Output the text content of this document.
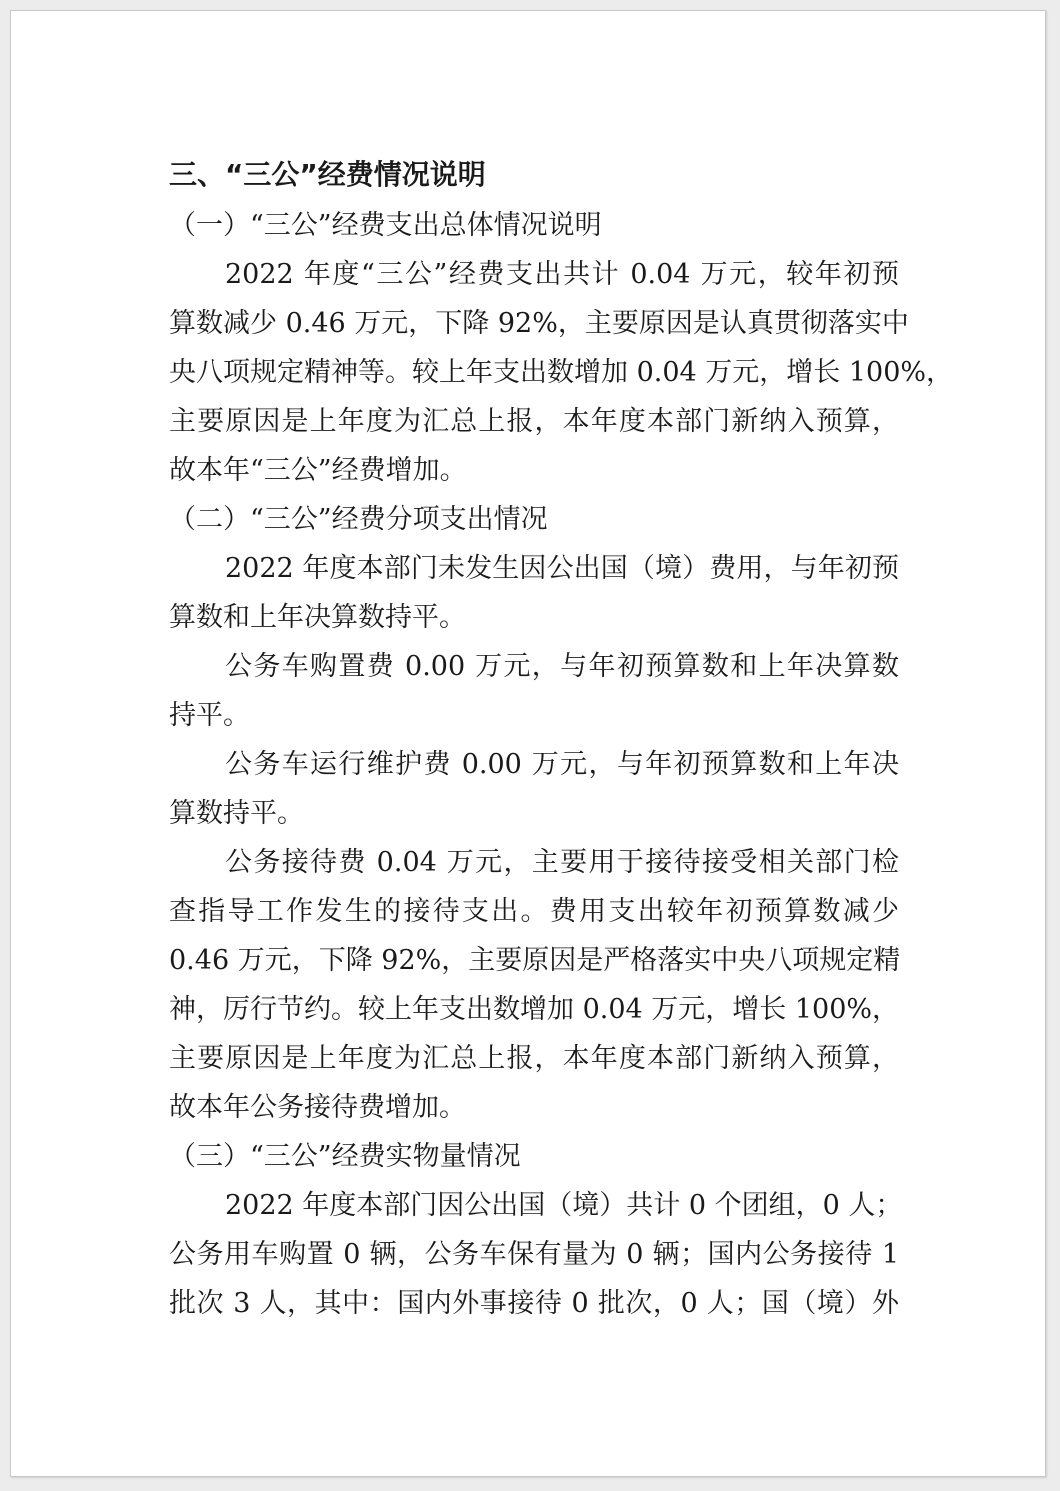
三、“三公”经费情况说明
（一）“三公”经费支出总体情况说明
2022 年度“三公”经费支出共计 0.04 万元，较年初预
算数减少 0.46 万元，下降 92%，主要原因是认真贯彻落实中
央八项规定精神等。较上年支出数增加 0.04 万元，增长 100%，
主要原因是上年度为汇总上报，本年度本部门新纳入预算，
故本年“三公”经费增加。
（二）“三公”经费分项支出情况
2022 年度本部门未发生因公出国（境）费用，与年初预
算数和上年决算数持平。
公务车购置费 0.00 万元，与年初预算数和上年决算数
持平。
公务车运行维护费 0.00 万元，与年初预算数和上年决
算数持平。
公务接待费 0.04 万元，主要用于接待接受相关部门检
查指导工作发生的接待支出。费用支出较年初预算数减少
0.46 万元，下降 92%，主要原因是严格落实中央八项规定精
神，厉行节约。较上年支出数增加 0.04 万元，增长 100%，
主要原因是上年度为汇总上报，本年度本部门新纳入预算，
故本年公务接待费增加。
（三）“三公”经费实物量情况
2022 年度本部门因公出国（境）共计 0 个团组，0 人；
公务用车购置 0 辆，公务车保有量为 0 辆；国内公务接待 1
批次 3 人，其中：国内外事接待 0 批次，0 人；国（境）外
